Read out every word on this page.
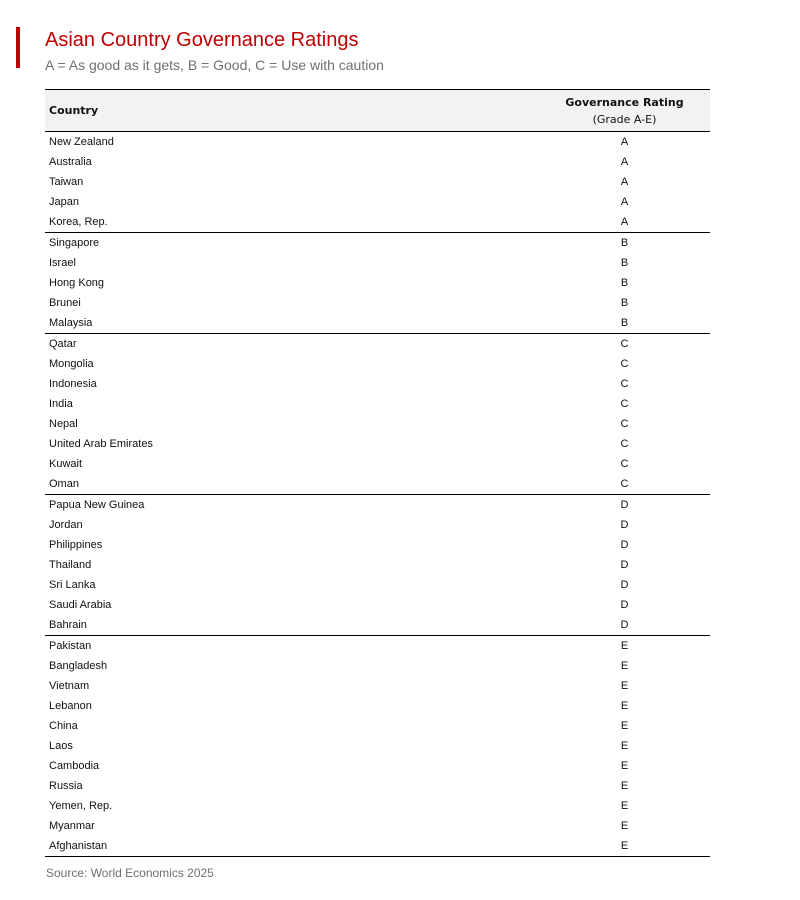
Asian Country Governance Ratings
A = As good as it gets, B = Good, C = Use with caution
Country	Governance Rating
(Grade A-E)

New Zealand	A
Australia	A
Taiwan	A
Japan	A
Korea, Rep.	A
Singapore	B
Israel	B
Hong Kong	B
Brunei	B
Malaysia	B
Qatar	C
Mongolia	C
Indonesia	C
India	C
Nepal	C
United Arab Emirates	C
Kuwait	C
Oman	C
Papua New Guinea	D
Jordan	D
Philippines	D
Thailand	D
Sri Lanka	D
Saudi Arabia	D
Bahrain	D
Pakistan	E
Bangladesh	E
Vietnam	E
Lebanon	E
China	E
Laos	E
Cambodia	E
Russia	E
Yemen, Rep.	E
Myanmar	E
Afghanistan	E
Source: World Economics 2025
